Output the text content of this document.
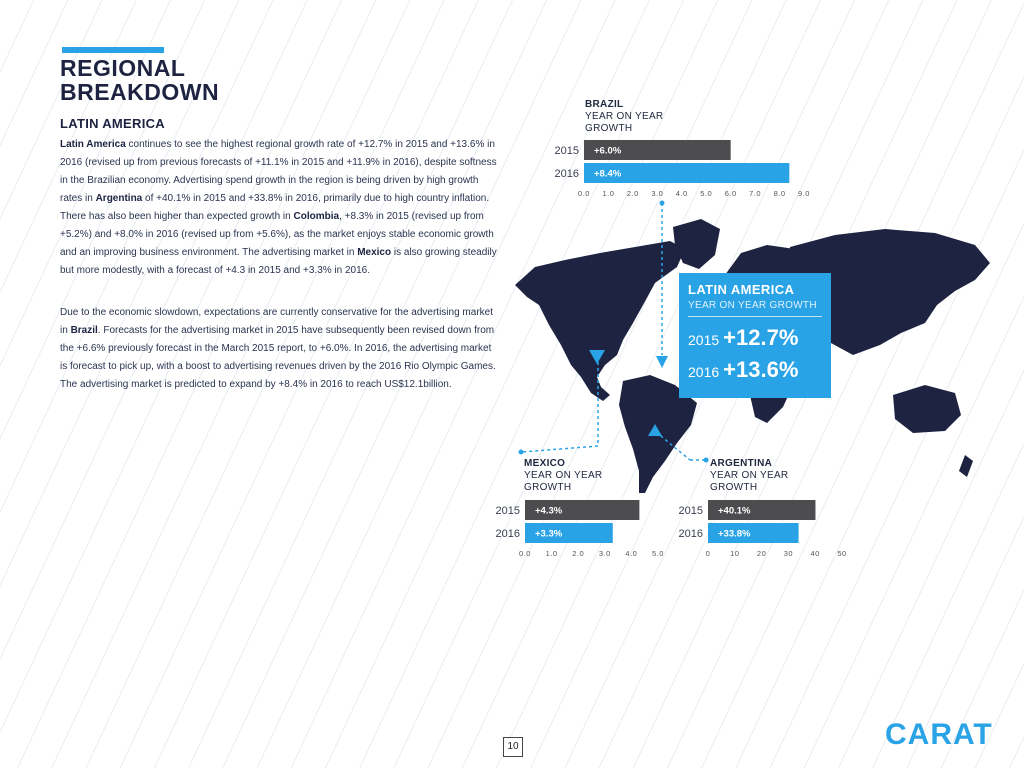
REGIONAL
BREAKDOWN
LATIN AMERICA

Latin America continues to see the highest regional growth rate of +12.7% in 2015 and +13.6% in 2016 (revised up from previous forecasts of +11.1% in 2015 and +11.9% in 2016), despite softness in the Brazilian economy. Advertising spend growth in the region is being driven by high growth rates in Argentina of +40.1% in 2015 and +33.8% in 2016, primarily due to high country inflation. There has also been higher than expected growth in Colombia, +8.3% in 2015 (revised up from +5.2%) and +8.0% in 2016 (revised up from +5.6%), as the market enjoys stable economic growth and an improving business environment. The advertising market in Mexico is also growing steadily but more modestly, with a forecast of +4.3 in 2015 and +3.3% in 2016.

Due to the economic slowdown, expectations are currently conservative for the advertising market in Brazil. Forecasts for the advertising market in 2015 have subsequently been revised down from the +6.6% previously forecast in the March 2015 report, to +6.0%. In 2016, the advertising market is forecast to pick up, with a boost to advertising revenues driven by the 2016 Rio Olympic Games. The advertising market is predicted to expand by +8.4% in 2016 to reach US$12.1billion.

LATIN AMERICA
YEAR ON YEAR GROWTH
2015 +12.7%
2016 +13.6%
BRAZIL
YEAR ON YEAR
GROWTH
2015 +6.0%
2016 +8.4%
0.0 1.0 2.0 3.0 4.0 5.0 6.0 7.0 8.0 9.0
MEXICO
YEAR ON YEAR
GROWTH
2015 +4.3%
2016 +3.3%
0.0 1.0 2.0 3.0 4.0 5.0
ARGENTINA
YEAR ON YEAR
GROWTH
2015 +40.1%
2016 +33.8%
0	10 20 30 40 50
10	CARAT
